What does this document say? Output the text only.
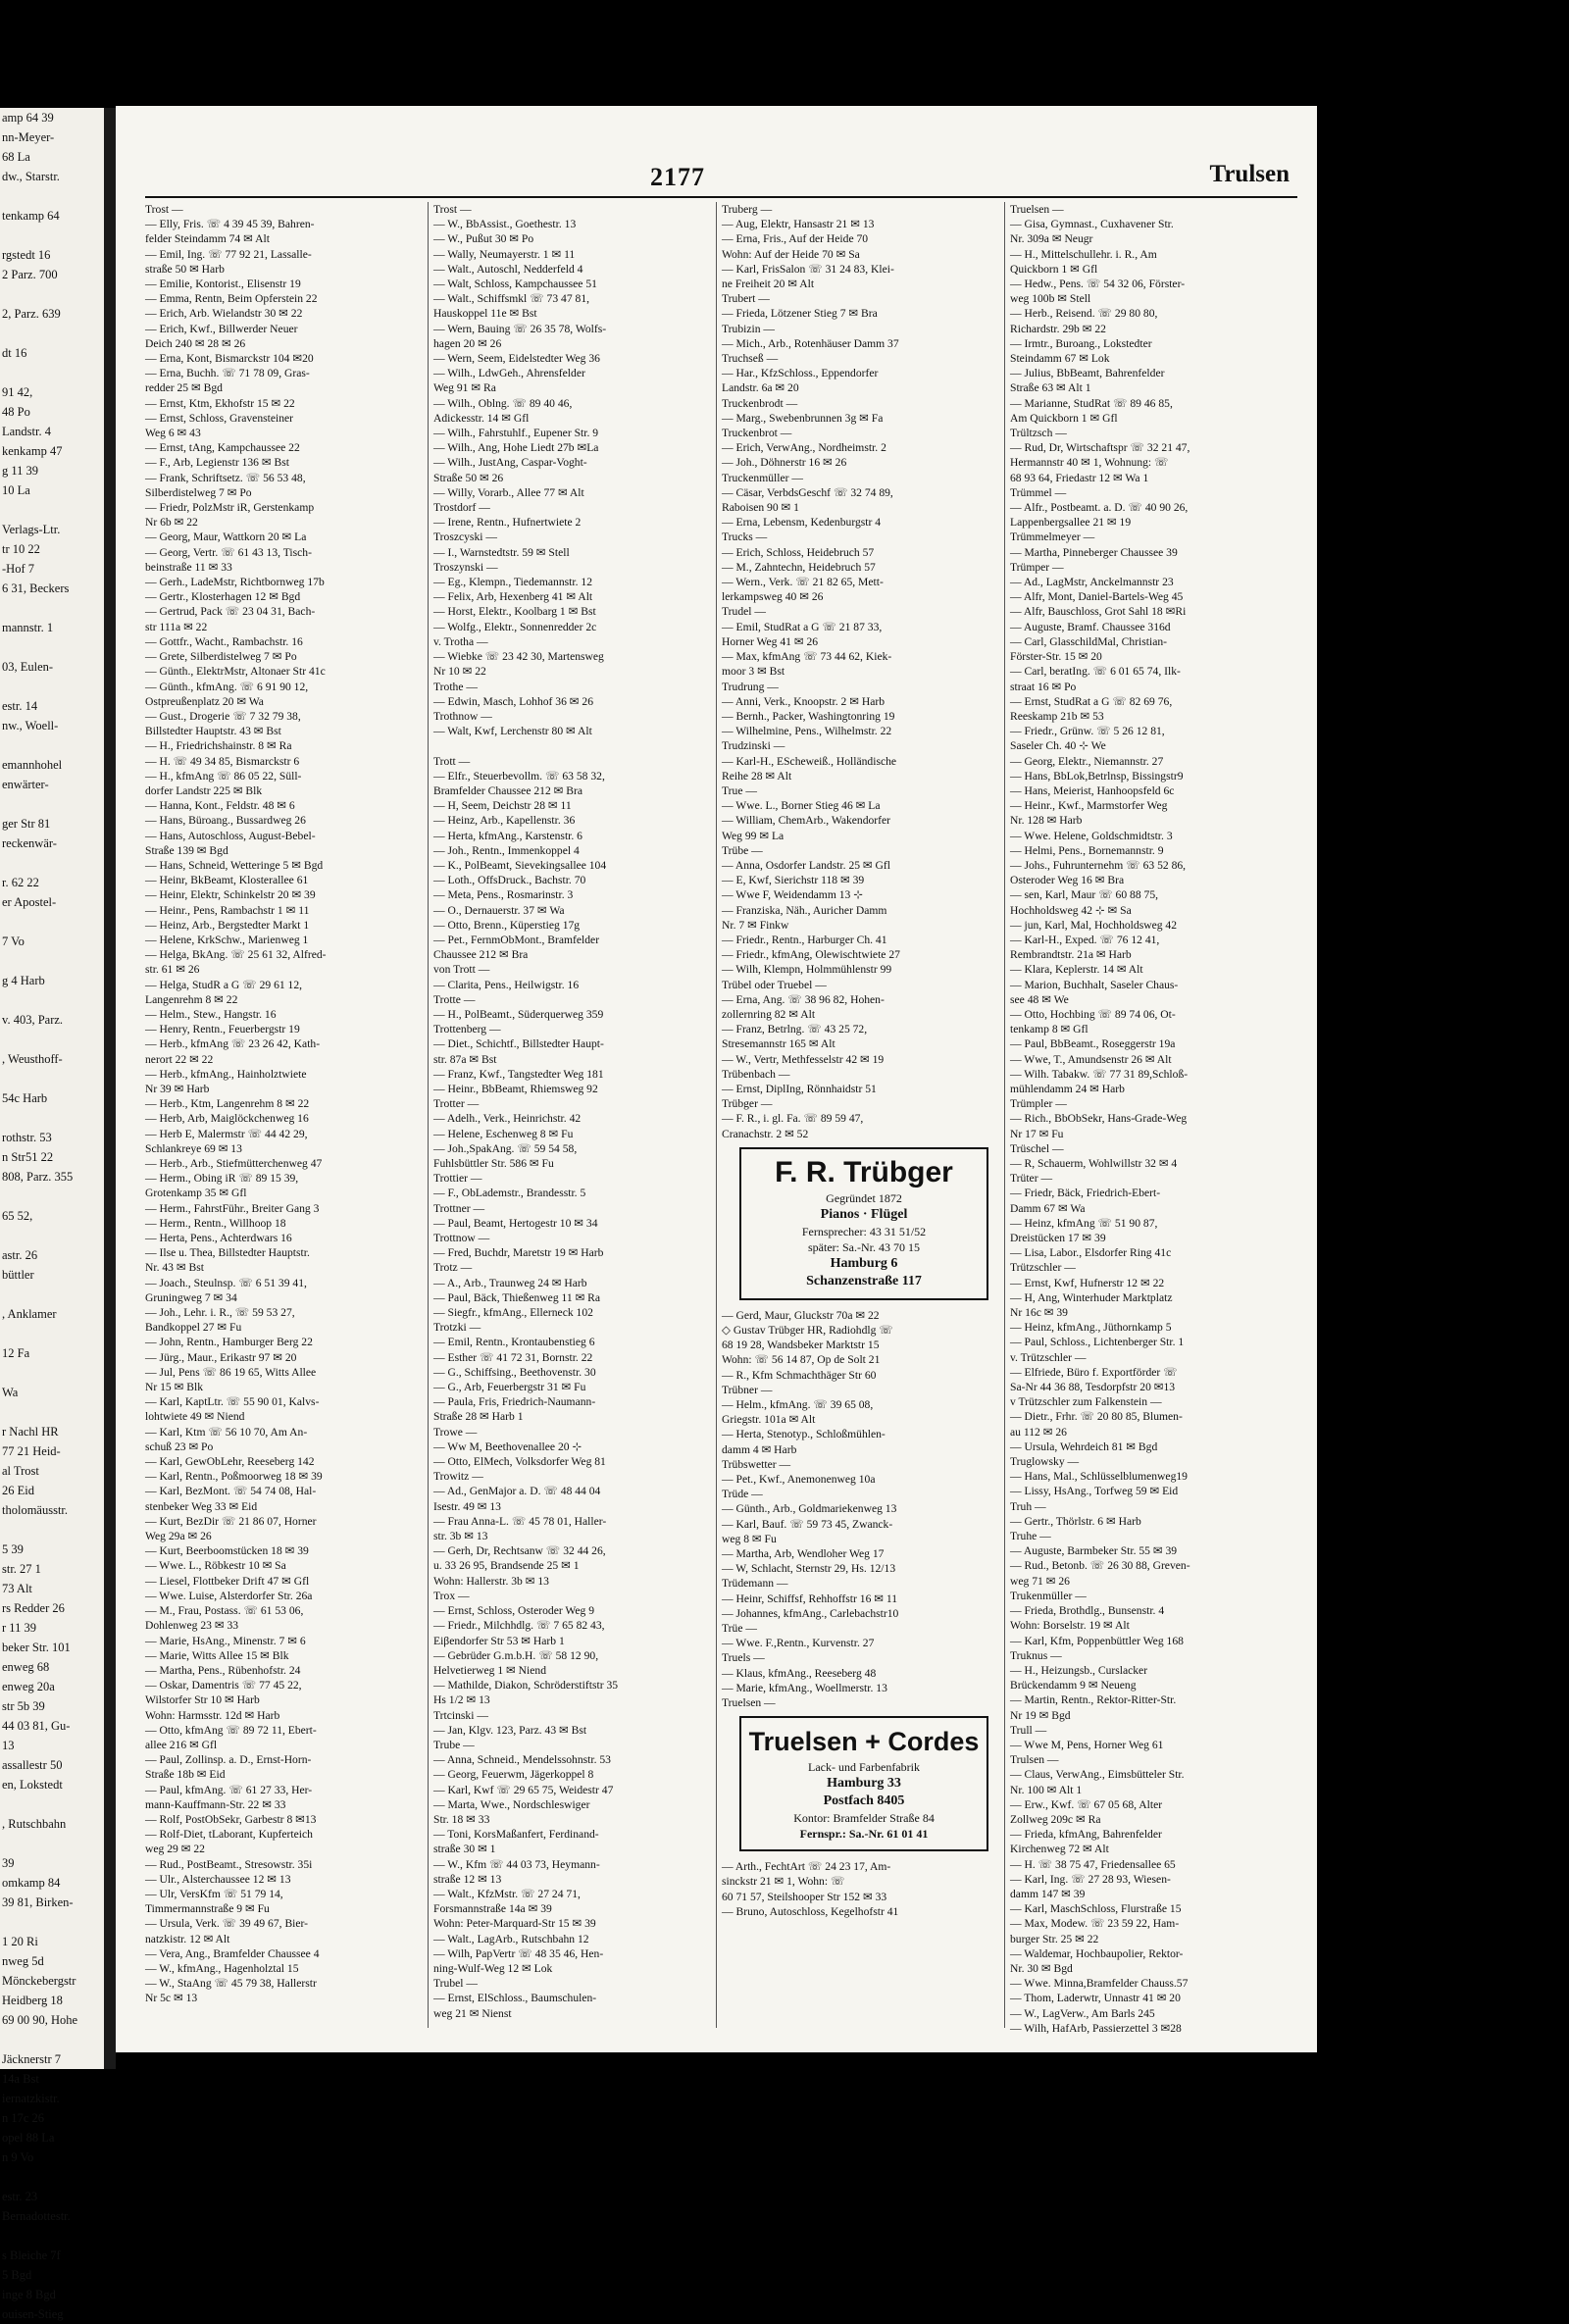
amp 64 39
nn-Meyer-
68 La
dw., Starstr.

tenkamp 64

rgstedt 16
2 Parz. 700

2, Parz. 639

dt 16

91 42,
48 Po
Landstr. 4
kenkamp 47
g 11 39
10 La

Verlags-Ltr.
tr 10 22
-Hof 7
6 31, Beckers

mannstr. 1

03, Eulen-

estr. 14
nw., Woell-

emannhohel
enwärter-

ger Str 81
reckenwär-

r. 62 22
er Apostel-

7 Vo

g 4 Harb

v. 403, Parz.

, Weusthoff-

54c Harb

rothstr. 53
n Str51 22
808, Parz. 355

65 52,

astr. 26
büttler

, Anklamer

12 Fa

Wa

r Nachl HR
77 21 Heid-
al Trost
26 Eid
tholomäusstr.

5 39
str. 27 1
73 Alt
rs Redder 26
r 11 39
beker Str. 101
enweg 68
enweg 20a
str 5b 39
44 03 81, Gu-
13
assallestr 50
en, Lokstedt

, Rutschbahn

39
omkamp 84
39 81, Birken-

1 20 Ri
nweg 5d
Mönckebergstr
Heidberg 18
69 00 90, Hohe

Jäcknerstr 7
14a Bst
iernatzkistr.
n 17c 26
opel 88 La
n 9 Vo

estr. 23
Bernadottestr.

s Bleiche 7f
5 Bgd
inge 8 Bgd
ouisen-Stieg
2177	Trulsen
Trost —
— Elly, Fris. ☏ 4 39 45 39, Bahren-
felder Steindamm 74 ✉ Alt
— Emil, Ing. ☏ 77 92 21, Lassalle-
straße 50 ✉ Harb
— Emilie, Kontorist., Elisenstr 19
— Emma, Rentn, Beim Opferstein 22
— Erich, Arb. Wielandstr 30 ✉ 22
— Erich, Kwf., Billwerder Neuer
Deich 240 ✉ 28 ✉ 26
— Erna, Kont, Bismarckstr 104 ✉20
— Erna, Buchh. ☏ 71 78 09, Gras-
redder 25 ✉ Bgd
— Ernst, Ktm, Ekhofstr 15 ✉ 22
— Ernst, Schloss, Gravensteiner
Weg 6 ✉ 43
— Ernst, tAng, Kampchaussee 22
— F., Arb, Legienstr 136 ✉ Bst
— Frank, Schriftsetz. ☏ 56 53 48,
Silberdistelweg 7 ✉ Po
— Friedr, PolzMstr iR, Gerstenkamp
Nr 6b ✉ 22
— Georg, Maur, Wattkorn 20 ✉ La
— Georg, Vertr. ☏ 61 43 13, Tisch-
beinstraße 11 ✉ 33
— Gerh., LadeMstr, Richtbornweg 17b
— Gertr., Klosterhagen 12 ✉ Bgd
— Gertrud, Pack ☏ 23 04 31, Bach-
str 111a ✉ 22
— Gottfr., Wacht., Rambachstr. 16
— Grete, Silberdistelweg 7 ✉ Po
— Günth., ElektrMstr, Altonaer Str 41c
— Günth., kfmAng. ☏ 6 91 90 12,
Ostpreußenplatz 20 ✉ Wa
— Gust., Drogerie ☏ 7 32 79 38,
Billstedter Hauptstr. 43 ✉ Bst
— H., Friedrichshainstr. 8 ✉ Ra
— H. ☏ 49 34 85, Bismarckstr 6
— H., kfmAng ☏ 86 05 22, Süll-
dorfer Landstr 225 ✉ Blk
— Hanna, Kont., Feldstr. 48 ✉ 6
— Hans, Büroang., Bussardweg 26
— Hans, Autoschloss, August-Bebel-
Straße 139 ✉ Bgd
— Hans, Schneid, Wetteringe 5 ✉ Bgd
— Heinr, BkBeamt, Klosterallee 61
— Heinr, Elektr, Schinkelstr 20 ✉ 39
— Heinr., Pens, Rambachstr 1 ✉ 11
— Heinz, Arb., Bergstedter Markt 1
— Helene, KrkSchw., Marienweg 1
— Helga, BkAng. ☏ 25 61 32, Alfred-
str. 61 ✉ 26
— Helga, StudR a G ☏ 29 61 12,
Langenrehm 8 ✉ 22
— Helm., Stew., Hangstr. 16
— Henry, Rentn., Feuerbergstr 19
— Herb., kfmAng ☏ 23 26 42, Kath-
nerort 22 ✉ 22
— Herb., kfmAng., Hainholztwiete
Nr 39 ✉ Harb
— Herb., Ktm, Langenrehm 8 ✉ 22
— Herb, Arb, Maiglöckchenweg 16
— Herb E, Malermstr ☏ 44 42 29,
Schlankreye 69 ✉ 13
— Herb., Arb., Stiefmütterchenweg 47
— Herm., Obing iR ☏ 89 15 39,
Grotenkamp 35 ✉ Gfl
— Herm., FahrstFühr., Breiter Gang 3
— Herm., Rentn., Willhoop 18
— Herta, Pens., Achterdwars 16
— Ilse u. Thea, Billstedter Hauptstr.
Nr. 43 ✉ Bst
— Joach., Steulnsp. ☏ 6 51 39 41,
Gruningweg 7 ✉ 34
— Joh., Lehr. i. R., ☏ 59 53 27,
Bandkoppel 27 ✉ Fu
— John, Rentn., Hamburger Berg 22
— Jürg., Maur., Erikastr 97 ✉ 20
— Jul, Pens ☏ 86 19 65, Witts Allee
Nr 15 ✉ Blk
— Karl, KaptLtr. ☏ 55 90 01, Kalvs-
lohtwiete 49 ✉ Niend
— Karl, Ktm ☏ 56 10 70, Am An-
schuß 23 ✉ Po
— Karl, GewObLehr, Reeseberg 142
— Karl, Rentn., Poßmoorweg 18 ✉ 39
— Karl, BezMont. ☏ 54 74 08, Hal-
stenbeker Weg 33 ✉ Eid
— Kurt, BezDir ☏ 21 86 07, Horner
Weg 29a ✉ 26
— Kurt, Beerboomstücken 18 ✉ 39
— Wwe. L., Röbkestr 10 ✉ Sa
— Liesel, Flottbeker Drift 47 ✉ Gfl
— Wwe. Luise, Alsterdorfer Str. 26a
— M., Frau, Postass. ☏ 61 53 06,
Dohlenweg 23 ✉ 33
— Marie, HsAng., Minenstr. 7 ✉ 6
— Marie, Witts Allee 15 ✉ Blk
— Martha, Pens., Rübenhofstr. 24
— Oskar, Damentris ☏ 77 45 22,
Wilstorfer Str 10 ✉ Harb
Wohn: Harmsstr. 12d ✉ Harb
— Otto, kfmAng ☏ 89 72 11, Ebert-
allee 216 ✉ Gfl
— Paul, Zollinsp. a. D., Ernst-Horn-
Straße 18b ✉ Eid
— Paul, kfmAng. ☏ 61 27 33, Her-
mann-Kauffmann-Str. 22 ✉ 33
— Rolf, PostObSekr, Garbestr 8 ✉13
— Rolf-Diet, tLaborant, Kupferteich
weg 29 ✉ 22
— Rud., PostBeamt., Stresowstr. 35i
— Ulr., Alsterchaussee 12 ✉ 13
— Ulr, VersKfm ☏ 51 79 14,
Timmermannstraße 9 ✉ Fu
— Ursula, Verk. ☏ 39 49 67, Bier-
natzkistr. 12 ✉ Alt
— Vera, Ang., Bramfelder Chaussee 4
— W., kfmAng., Hagenholztal 15
— W., StaAng ☏ 45 79 38, Hallerstr
Nr 5c ✉ 13
Trost —
— W., BbAssist., Goethestr. 13
— W., Pußut 30 ✉ Po
— Wally, Neumayerstr. 1 ✉ 11
— Walt., Autoschl, Nedderfeld 4
— Walt, Schloss, Kampchaussee 51
— Walt., Schiffsmkl ☏ 73 47 81,
Hauskoppel 11e ✉ Bst
— Wern, Bauing ☏ 26 35 78, Wolfs-
hagen 20 ✉ 26
— Wern, Seem, Eidelstedter Weg 36
— Wilh., LdwGeh., Ahrensfelder
Weg 91 ✉ Ra
— Wilh., Oblng. ☏ 89 40 46,
Adickesstr. 14 ✉ Gfl
— Wilh., Fahrstuhlf., Eupener Str. 9
— Wilh., Ang, Hohe Liedt 27b ✉La
— Wilh., JustAng, Caspar-Voght-
Straße 50 ✉ 26
— Willy, Vorarb., Allee 77 ✉ Alt
Trostdorf —
— Irene, Rentn., Hufnertwiete 2
Troszcyski —
— I., Warnstedtstr. 59 ✉ Stell
Troszynski —
— Eg., Klempn., Tiedemannstr. 12
— Felix, Arb, Hexenberg 41 ✉ Alt
— Horst, Elektr., Koolbarg 1 ✉ Bst
— Wolfg., Elektr., Sonnenredder 2c
v. Trotha —
— Wiebke ☏ 23 42 30, Martensweg
Nr 10 ✉ 22
Trothe —
— Edwin, Masch, Lohhof 36 ✉ 26
Trothnow —
— Walt, Kwf, Lerchenstr 80 ✉ Alt

Trott —
— Elfr., Steuerbevollm. ☏ 63 58 32,
Bramfelder Chaussee 212 ✉ Bra
— H, Seem, Deichstr 28 ✉ 11
— Heinz, Arb., Kapellenstr. 36
— Herta, kfmAng., Karstenstr. 6
— Joh., Rentn., Immenkoppel 4
— K., PolBeamt, Sievekingsallee 104
— Loth., OffsDruck., Bachstr. 70
— Meta, Pens., Rosmarinstr. 3
— O., Dernauerstr. 37 ✉ Wa
— Otto, Brenn., Küperstieg 17g
— Pet., FernmObMont., Bramfelder
Chaussee 212 ✉ Bra
von Trott —
— Clarita, Pens., Heilwigstr. 16
Trotte —
— H., PolBeamt., Süderquerweg 359
Trottenberg —
— Diet., Schichtf., Billstedter Haupt-
str. 87a ✉ Bst
— Franz, Kwf., Tangstedter Weg 181
— Heinr., BbBeamt, Rhiemsweg 92
Trotter —
— Adelh., Verk., Heinrichstr. 42
— Helene, Eschenweg 8 ✉ Fu
— Joh.,SpakAng. ☏ 59 54 58,
Fuhlsbüttler Str. 586 ✉ Fu
Trottier —
— F., ObLademstr., Brandesstr. 5
Trottner —
— Paul, Beamt, Hertogestr 10 ✉ 34
Trottnow —
— Fred, Buchdr, Maretstr 19 ✉ Harb
Trotz —
— A., Arb., Traunweg 24 ✉ Harb
— Paul, Bäck, Thießenweg 11 ✉ Ra
— Siegfr., kfmAng., Ellerneck 102
Trotzki —
— Emil, Rentn., Krontaubenstieg 6
— Esther ☏ 41 72 31, Bornstr. 22
— G., Schiffsing., Beethovenstr. 30
— G., Arb, Feuerbergstr 31 ✉ Fu
— Paula, Fris, Friedrich-Naumann-
Straße 28 ✉ Harb 1
Trowe —
— Ww M, Beethovenallee 20 ⊹
— Otto, ElMech, Volksdorfer Weg 81
Trowitz —
— Ad., GenMajor a. D. ☏ 48 44 04
Isestr. 49 ✉ 13
— Frau Anna-L. ☏ 45 78 01, Haller-
str. 3b ✉ 13
— Gerh, Dr, Rechtsanw ☏ 32 44 26,
u. 33 26 95, Brandsende 25 ✉ 1
Wohn: Hallerstr. 3b ✉ 13
Trox —
— Ernst, Schloss, Osteroder Weg 9
— Friedr., Milchhdlg. ☏ 7 65 82 43,
Eiβendorfer Str 53 ✉ Harb 1
— Gebrüder G.m.b.H. ☏ 58 12 90,
Helvetierweg 1 ✉ Niend
— Mathilde, Diakon, Schröderstiftstr 35
Hs 1/2 ✉ 13
Trtcinski —
— Jan, Klgv. 123, Parz. 43 ✉ Bst
Trube —
— Anna, Schneid., Mendelssohnstr. 53
— Georg, Feuerwm, Jägerkoppel 8
— Karl, Kwf ☏ 29 65 75, Weidestr 47
— Marta, Wwe., Nordschleswiger
Str. 18 ✉ 33
— Toni, KorsMaßanfert, Ferdinand-
straße 30 ✉ 1
— W., Kfm ☏ 44 03 73, Heymann-
straße 12 ✉ 13
— Walt., KfzMstr. ☏ 27 24 71,
Forsmannstraße 14a ✉ 39
Wohn: Peter-Marquard-Str 15 ✉ 39
— Walt., LagArb., Rutschbahn 12
— Wilh, PapVertr ☏ 48 35 46, Hen-
ning-Wulf-Weg 12 ✉ Lok
Trubel —
— Ernst, ElSchloss., Baumschulen-
weg 21 ✉ Nienst
Truberg —
— Aug, Elektr, Hansastr 21 ✉ 13
— Erna, Fris., Auf der Heide 70
Wohn: Auf der Heide 70 ✉ Sa
— Karl, FrisSalon ☏ 31 24 83, Klei-
ne Freiheit 20 ✉ Alt
Trubert —
— Frieda, Lötzener Stieg 7 ✉ Bra
Trubizin —
— Mich., Arb., Rotenhäuser Damm 37
Truchseß —
— Har., KfzSchloss., Eppendorfer
Landstr. 6a ✉ 20
Truckenbrodt —
— Marg., Swebenbrunnen 3g ✉ Fa
Truckenbrot —
— Erich, VerwAng., Nordheimstr. 2
— Joh., Döhnerstr 16 ✉ 26
Truckenmüller —
— Cäsar, VerbdsGeschf ☏ 32 74 89,
Raboisen 90 ✉ 1
— Erna, Lebensm, Kedenburgstr 4
Trucks —
— Erich, Schloss, Heidebruch 57
— M., Zahntechn, Heidebruch 57
— Wern., Verk. ☏ 21 82 65, Mett-
lerkampsweg 40 ✉ 26
Trudel —
— Emil, StudRat a G ☏ 21 87 33,
Horner Weg 41 ✉ 26
— Max, kfmAng ☏ 73 44 62, Kiek-
moor 3 ✉ Bst
Trudrung —
— Anni, Verk., Knoopstr. 2 ✉ Harb
— Bernh., Packer, Washingtonring 19
— Wilhelmine, Pens., Wilhelmstr. 22
Trudzinski —
— Karl-H., EScheweiß., Holländische
Reihe 28 ✉ Alt
True —
— Wwe. L., Borner Stieg 46 ✉ La
— William, ChemArb., Wakendorfer
Weg 99 ✉ La
Trübe —
— Anna, Osdorfer Landstr. 25 ✉ Gfl
— E, Kwf, Sierichstr 118 ✉ 39
— Wwe F, Weidendamm 13 ⊹
— Franziska, Näh., Auricher Damm
Nr. 7 ✉ Finkw
— Friedr., Rentn., Harburger Ch. 41
— Friedr., kfmAng, Olewischtwiete 27
— Wilh, Klempn, Holmmühlenstr 99
Trübel oder Truebel —
— Erna, Ang. ☏ 38 96 82, Hohen-
zollernring 82 ✉ Alt
— Franz, Betrlng. ☏ 43 25 72,
Stresemannstr 165 ✉ Alt
— W., Vertr, Methfesselstr 42 ✉ 19
Trübenbach —
— Ernst, DiplIng, Rönnhaidstr 51
Trübger —
— F. R., i. gl. Fa. ☏ 89 59 47,
Cranachstr. 2 ✉ 52
F. R. Trübger
Gegründet 1872
Pianos · Flügel
Fernsprecher: 43 31 51/52
später: Sa.-Nr. 43 70 15
Hamburg 6
Schanzenstraße 117
— Gerd, Maur, Gluckstr 70a ✉ 22
◇ Gustav Trübger HR, Radiohdlg ☏
68 19 28, Wandsbeker Marktstr 15
Wohn: ☏ 56 14 87, Op de Solt 21
— R., Kfm Schmachthäger Str 60
Trübner —
— Helm., kfmAng. ☏ 39 65 08,
Griegstr. 101a ✉ Alt
— Herta, Stenotyp., Schloßmühlen-
damm 4 ✉ Harb
Trübswetter —
— Pet., Kwf., Anemonenweg 10a
Trüde —
— Günth., Arb., Goldmariekenweg 13
— Karl, Bauf. ☏ 59 73 45, Zwanck-
weg 8 ✉ Fu
— Martha, Arb, Wendloher Weg 17
— W, Schlacht, Sternstr 29, Hs. 12/13
Trüdemann —
— Heinr, Schiffsf, Rehhoffstr 16 ✉ 11
— Johannes, kfmAng., Carlebachstr10
Trüe —
— Wwe. F.,Rentn., Kurvenstr. 27
Truels —
— Klaus, kfmAng., Reeseberg 48
— Marie, kfmAng., Woellmerstr. 13
Truelsen —
Truelsen + Cordes
Lack- und Farbenfabrik
Hamburg 33
Postfach 8405
Kontor: Bramfelder Straße 84
Fernspr.: Sa.-Nr. 61 01 41
— Arth., FechtArt ☏ 24 23 17, Am-
sinckstr 21 ✉ 1, Wohn: ☏
60 71 57, Steilshooper Str 152 ✉ 33
— Bruno, Autoschloss, Kegelhofstr 41
Truelsen —
— Gisa, Gymnast., Cuxhavener Str.
Nr. 309a ✉ Neugr
— H., Mittelschullehr. i. R., Am
Quickborn 1 ✉ Gfl
— Hedw., Pens. ☏ 54 32 06, Förster-
weg 100b ✉ Stell
— Herb., Reisend. ☏ 29 80 80,
Richardstr. 29b ✉ 22
— Irmtr., Buroang., Lokstedter
Steindamm 67 ✉ Lok
— Julius, BbBeamt, Bahrenfelder
Straße 63 ✉ Alt 1
— Marianne, StudRat ☏ 89 46 85,
Am Quickborn 1 ✉ Gfl
Trültzsch —
— Rud, Dr, Wirtschaftspr ☏ 32 21 47,
Hermannstr 40 ✉ 1, Wohnung: ☏
68 93 64, Friedastr 12 ✉ Wa 1
Trümmel —
— Alfr., Postbeamt. a. D. ☏ 40 90 26,
Lappenbergsallee 21 ✉ 19
Trümmelmeyer —
— Martha, Pinneberger Chaussee 39
Trümper —
— Ad., LagMstr, Anckelmannstr 23
— Alfr, Mont, Daniel-Bartels-Weg 45
— Alfr, Bauschloss, Grot Sahl 18 ✉Ri
— Auguste, Bramf. Chaussee 316d
— Carl, GlasschildMal, Christian-
Förster-Str. 15 ✉ 20
— Carl, beratIng. ☏ 6 01 65 74, Ilk-
straat 16 ✉ Po
— Ernst, StudRat a G ☏ 82 69 76,
Reeskamp 21b ✉ 53
— Friedr., Grünw. ☏ 5 26 12 81,
Saseler Ch. 40 ⊹ We
— Georg, Elektr., Niemannstr. 27
— Hans, BbLok,Betrlnsp, Bissingstr9
— Hans, Meierist, Hanhoopsfeld 6c
— Heinr., Kwf., Marmstorfer Weg
Nr. 128 ✉ Harb
— Wwe. Helene, Goldschmidtstr. 3
— Helmi, Pens., Bornemannstr. 9
— Johs., Fuhrunternehm ☏ 63 52 86,
Osteroder Weg 16 ✉ Bra
— sen, Karl, Maur ☏ 60 88 75,
Hochholdsweg 42 ⊹ ✉ Sa
— jun, Karl, Mal, Hochholdsweg 42
— Karl-H., Exped. ☏ 76 12 41,
Rembrandtstr. 21a ✉ Harb
— Klara, Keplerstr. 14 ✉ Alt
— Marion, Buchhalt, Saseler Chaus-
see 48 ✉ We
— Otto, Hochbing ☏ 89 74 06, Ot-
tenkamp 8 ✉ Gfl
— Paul, BbBeamt., Roseggerstr 19a
— Wwe, T., Amundsenstr 26 ✉ Alt
— Wilh. Tabakw. ☏ 77 31 89,Schloß-
mühlendamm 24 ✉ Harb
Trümpler —
— Rich., BbObSekr, Hans-Grade-Weg
Nr 17 ✉ Fu
Trüschel —
— R, Schauerm, Wohlwillstr 32 ✉ 4
Trüter —
— Friedr, Bäck, Friedrich-Ebert-
Damm 67 ✉ Wa
— Heinz, kfmAng ☏ 51 90 87,
Dreistücken 17 ✉ 39
— Lisa, Labor., Elsdorfer Ring 41c
Trützschler —
— Ernst, Kwf, Hufnerstr 12 ✉ 22
— H, Ang, Winterhuder Marktplatz
Nr 16c ✉ 39
— Heinz, kfmAng., Jüthornkamp 5
— Paul, Schloss., Lichtenberger Str. 1
v. Trützschler —
— Elfriede, Büro f. Exportförder ☏
Sa-Nr 44 36 88, Tesdorpfstr 20 ✉13
v Trützschler zum Falkenstein —
— Dietr., Frhr. ☏ 20 80 85, Blumen-
au 112 ✉ 26
— Ursula, Wehrdeich 81 ✉ Bgd
Truglowsky —
— Hans, Mal., Schlüsselblumenweg19
— Lissy, HsAng., Torfweg 59 ✉ Eid
Truh —
— Gertr., Thörlstr. 6 ✉ Harb
Truhe —
— Auguste, Barmbeker Str. 55 ✉ 39
— Rud., Betonb. ☏ 26 30 88, Greven-
weg 71 ✉ 26
Trukenmüller —
— Frieda, Brothdlg., Bunsenstr. 4
Wohn: Borselstr. 19 ✉ Alt
— Karl, Kfm, Poppenbüttler Weg 168
Truknus —
— H., Heizungsb., Curslacker
Brückendamm 9 ✉ Neueng
— Martin, Rentn., Rektor-Ritter-Str.
Nr 19 ✉ Bgd
Trull —
— Wwe M, Pens, Horner Weg 61
Trulsen —
— Claus, VerwAng., Eimsbütteler Str.
Nr. 100 ✉ Alt 1
— Erw., Kwf. ☏ 67 05 68, Alter
Zollweg 209c ✉ Ra
— Frieda, kfmAng, Bahrenfelder
Kirchenweg 72 ✉ Alt
— H. ☏ 38 75 47, Friedensallee 65
— Karl, Ing. ☏ 27 28 93, Wiesen-
damm 147 ✉ 39
— Karl, MaschSchloss, Flurstraße 15
— Max, Modew. ☏ 23 59 22, Ham-
burger Str. 25 ✉ 22
— Waldemar, Hochbaupolier, Rektor-
Nr. 30 ✉ Bgd
— Wwe. Minna,Bramfelder Chauss.57
— Thom, Laderwtr, Unnastr 41 ✉ 20
— W., LagVerw., Am Barls 245
— Wilh, HafArb, Passierzettel 3 ✉28
